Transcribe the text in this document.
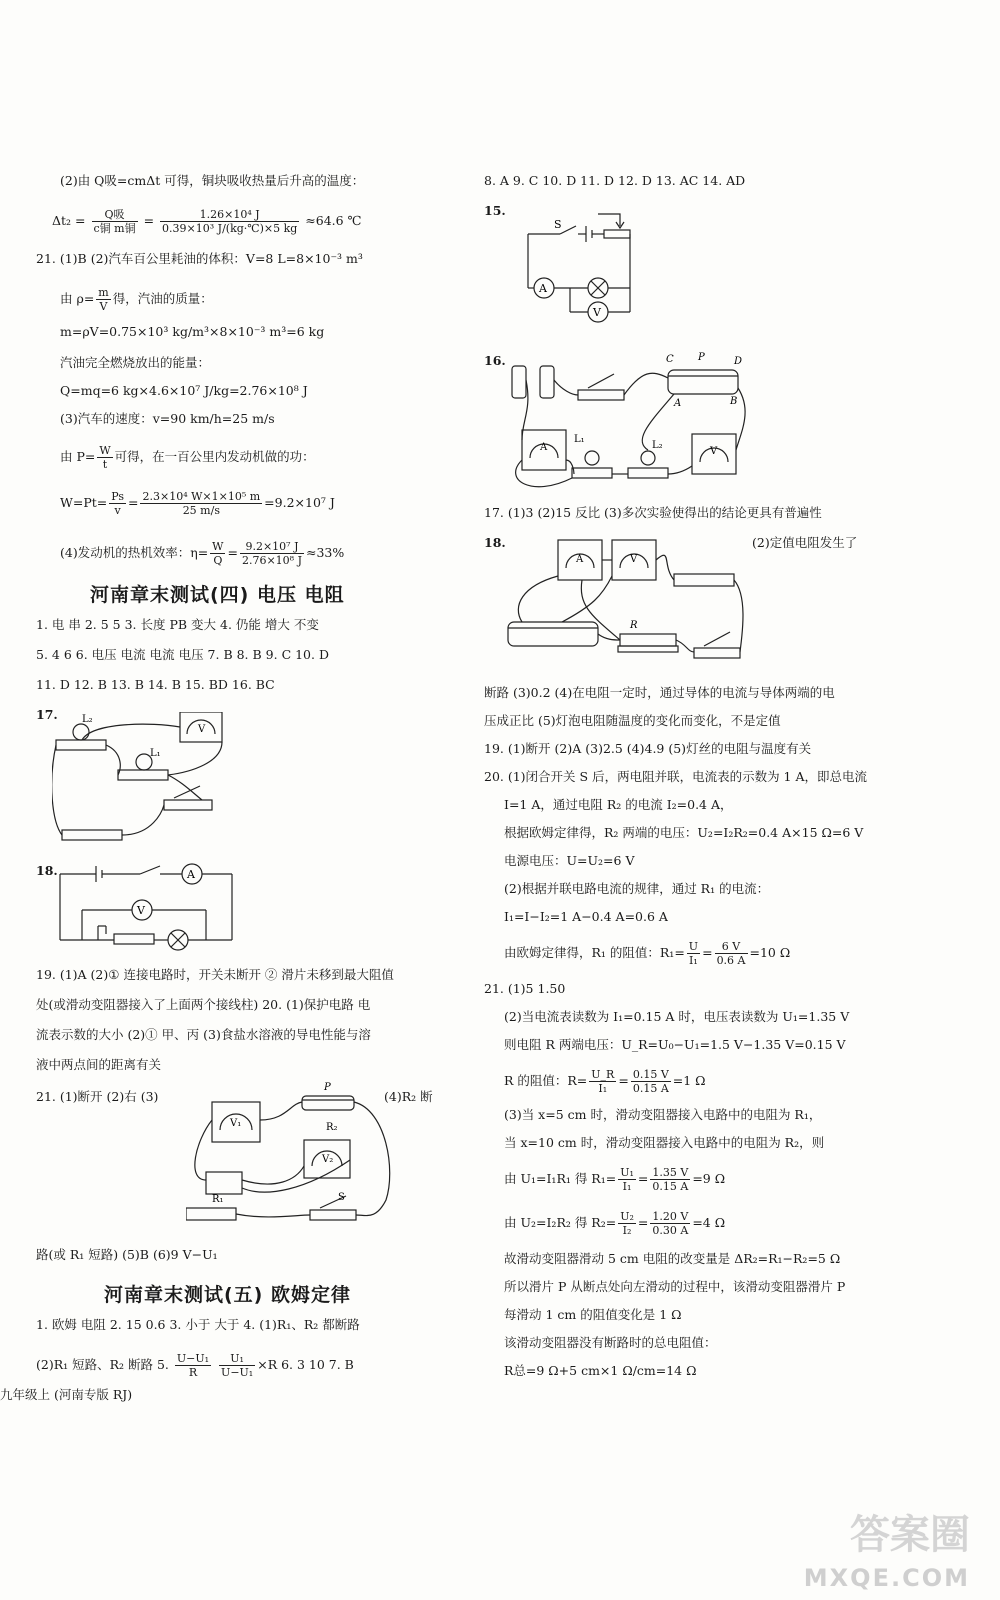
(2)由 Q吸=cmΔt 可得，铜块吸收热量后升高的温度：
$\Delta t_2 = \frac{\text{Q吸}}{\text{c铜 m铜}} = \frac{\text{1.26×10⁴ J}}{\text{0.39×10³ J/(kg·℃)×5 kg}} \approx 64.6$ ℃
21. (1)B (2)汽车百公里耗油的体积：V=8 L=8×10⁻³ m³
由 $\rho= \frac{m}{V}$ 得，汽油的质量：
m=ρV=0.75×10³ kg/m³×8×10⁻³ m³=6 kg
汽油完全燃烧放出的能量：
Q=mq=6 kg×4.6×10⁷ J/kg=2.76×10⁸ J
(3)汽车的速度：v=90 km/h=25 m/s
由 $P= \frac{W}{t}$ 可得，在一百公里内发动机做的功：
$W=Pt= \frac{Ps}{v} = \frac{\text{2.3×10⁴ W×1×10⁵ m}}{25 m/s} =9.2\times 10^7$ J
(4)发动机的热机效率：$\eta= \frac{W}{Q} = \frac{\text{9.2×10⁷ J}}{\text{2.76×10⁸ J}} \approx 33\%$
河南章末测试(四) 电压 电阻
1. 电 串 2. 5 5 3. 长度 PB 变大 4. 仍能 增大 不变
5. 4 6 6. 电压 电流 电流 电压 7. B 8. B 9. C 10. D
11. D 12. B 13. B 14. B 15. BD 16. BC
17. L₂
L₁
V
18.	A
V
19. (1)A (2)① 连接电路时，开关未断开 ② 滑片未移到最大阻值
处(或滑动变阻器接入了上面两个接线柱) 20. (1)保护电路 电
流表示数的大小 (2)① 甲、丙 (3)食盐水溶液的导电性能与溶
液中两点间的距离有关
21. (1)断开 (2)右 (3)	(4)R₂ 断
P
R₂
V₁
V₂
R₁	S
路(或 R₁ 短路) (5)B (6)9 V−U₁
河南章末测试(五) 欧姆定律
1. 欧姆 电阻 2. 15 0.6 3. 小于 大于 4. (1)R₁、R₂ 都断路
(2)R₁ 短路、R₂ 断路 5. $\frac{\text{U−U₁}}{R}$
$\frac{\text{U₁}}{\text{U−U₁}} \times R$ 6. 3 10 7. B
九年级上 (河南专版 RJ)
8. A 9. C 10. D 11. D 12. D 13. AC 14. AD
15.
S
A
V
16.	C P	D
A	B
L₁
L₂
A	V
17. (1)3 (2)15 反比 (3)多次实验使得出的结论更具有普遍性
18.	(2)定值电阻发生了
A	V
R
断路 (3)0.2 (4)在电阻一定时，通过导体的电流与导体两端的电
压成正比 (5)灯泡电阻随温度的变化而变化，不是定值
19. (1)断开 (2)A (3)2.5 (4)4.9 (5)灯丝的电阻与温度有关
20. (1)闭合开关 S 后，两电阻并联，电流表的示数为 1 A，即总电流
I=1 A，通过电阻 R₂ 的电流 I₂=0.4 A，
根据欧姆定律得，R₂ 两端的电压：U₂=I₂R₂=0.4 A×15 Ω=6 V
电源电压：U=U₂=6 V
(2)根据并联电路电流的规律，通过 R₁ 的电流：
I₁=I−I₂=1 A−0.4 A=0.6 A
由欧姆定律得，R₁ 的阻值：$R_1= \frac{U}{\text{I₁}} = \frac{6 V}{0.6 A} =10$ Ω
21. (1)5 1.50
(2)当电流表读数为 I₁=0.15 A 时，电压表读数为 U₁=1.35 V
则电阻 R 两端电压：U_R=U₀−U₁=1.5 V−1.35 V=0.15 V
R 的阻值：$R= \frac{U\_R}{\text{I₁}} = \frac{0.15 V}{0.15 A} =1$ Ω
(3)当 x=5 cm 时，滑动变阻器接入电路中的电阻为 R₁，
当 x=10 cm 时，滑动变阻器接入电路中的电阻为 R₂，则
由 U₁=I₁R₁ 得 $R_1= \frac{\text{U₁}}{\text{I₁}} = \frac{1.35 V}{0.15 A} =9$ Ω
由 U₂=I₂R₂ 得 $R_2= \frac{\text{U₂}}{\text{I₂}} = \frac{1.20 V}{0.30 A} =4$ Ω
故滑动变阻器滑动 5 cm 电阻的改变量是 ΔR₂=R₁−R₂=5 Ω
所以滑片 P 从断点处向左滑动的过程中，该滑动变阻器滑片 P
每滑动 1 cm 的阻值变化是 1 Ω
该滑动变阻器没有断路时的总电阻值：
R总=9 Ω+5 cm×1 Ω/cm=14 Ω
答案圈
MXQE.COM
